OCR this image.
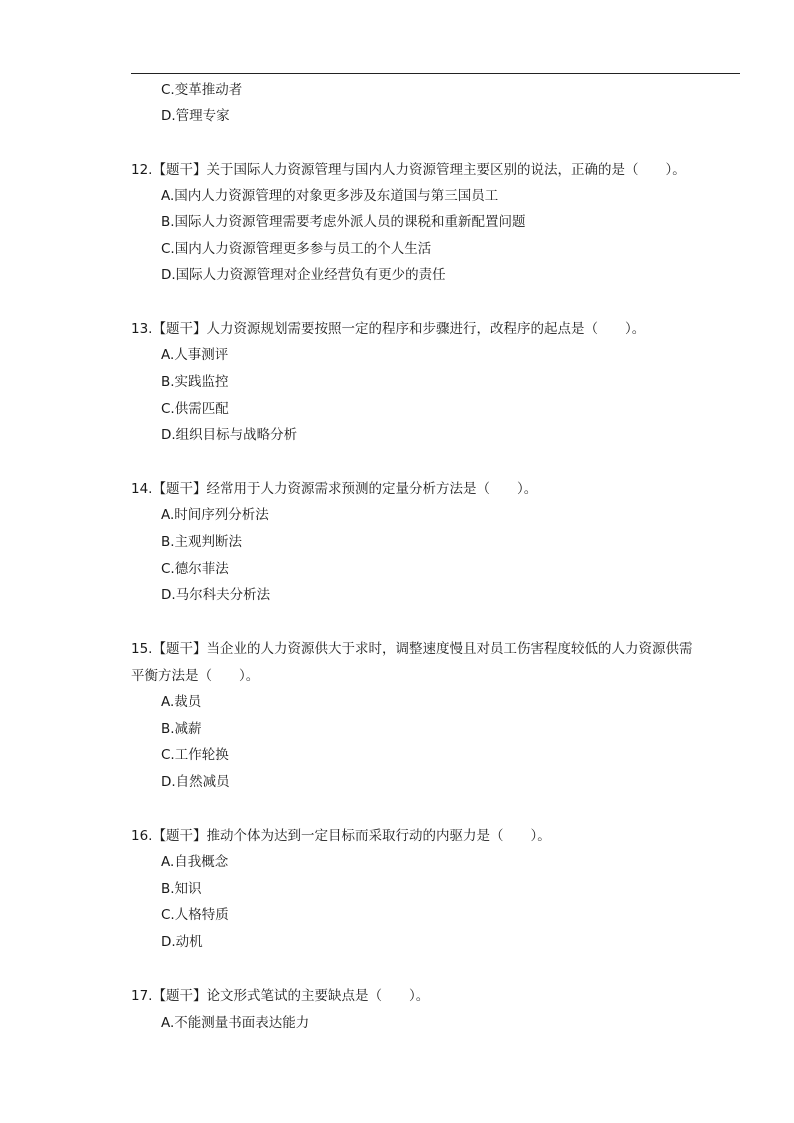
C.变革推动者
D.管理专家
12.【题干】关于国际人力资源管理与国内人力资源管理主要区别的说法，正确的是（　　）。
A.国内人力资源管理的对象更多涉及东道国与第三国员工
B.国际人力资源管理需要考虑外派人员的课税和重新配置问题
C.国内人力资源管理更多参与员工的个人生活
D.国际人力资源管理对企业经营负有更少的责任
13.【题干】人力资源规划需要按照一定的程序和步骤进行，改程序的起点是（　　）。
A.人事测评
B.实践监控
C.供需匹配
D.组织目标与战略分析
14.【题干】经常用于人力资源需求预测的定量分析方法是（　　）。
A.时间序列分析法
B.主观判断法
C.德尔菲法
D.马尔科夫分析法
15.【题干】当企业的人力资源供大于求时，调整速度慢且对员工伤害程度较低的人力资源供需
平衡方法是（　　）。
A.裁员
B.减薪
C.工作轮换
D.自然减员
16.【题干】推动个体为达到一定目标而采取行动的内驱力是（　　）。
A.自我概念
B.知识
C.人格特质
D.动机
17.【题干】论文形式笔试的主要缺点是（　　）。
A.不能测量书面表达能力
